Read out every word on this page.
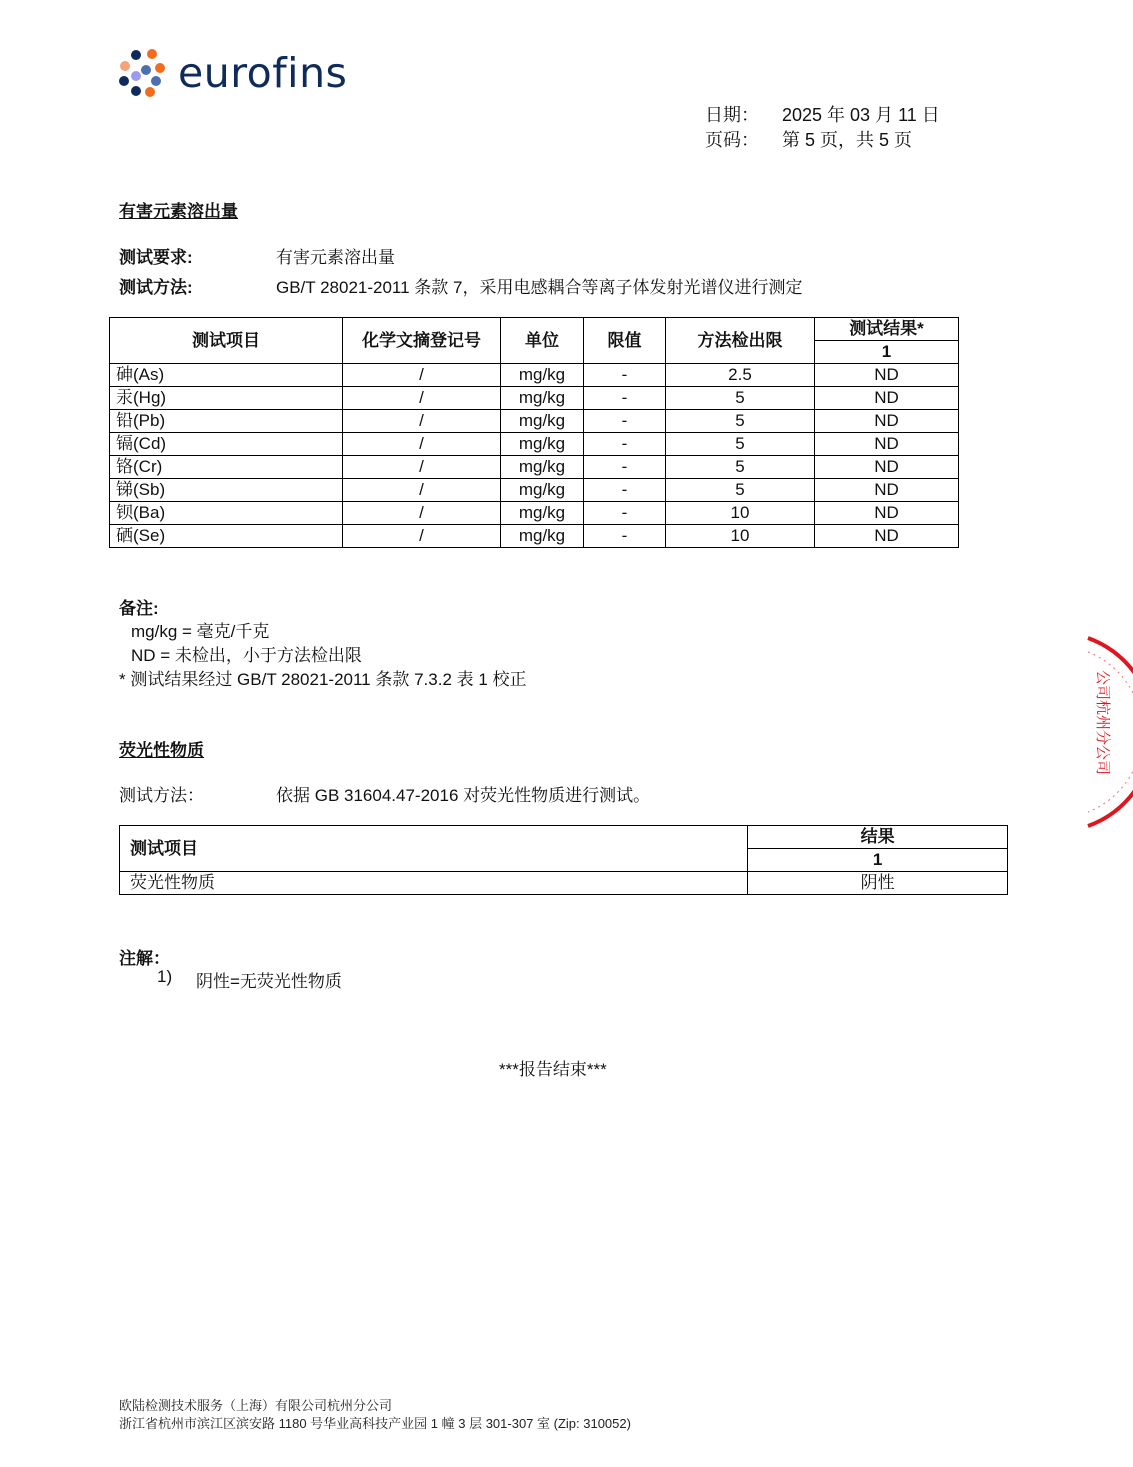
eurofins
日期： 2025 年 03 月 11 日
页码： 第 5 页，共 5 页
有害元素溶出量
测试要求:	有害元素溶出量
测试方法:	GB/T 28021-2011 条款 7，采用电感耦合等离子体发射光谱仪进行测定
测试项目	化学文摘登记号	单位	限值	方法检出限	测试结果*
					1
砷(As)	/	mg/kg	-	2.5	ND
汞(Hg)	/	mg/kg	-	5	ND
铅(Pb)	/	mg/kg	-	5	ND
镉(Cd)	/	mg/kg	-	5	ND
铬(Cr)	/	mg/kg	-	5	ND
锑(Sb)	/	mg/kg	-	5	ND
钡(Ba)	/	mg/kg	-	10	ND
硒(Se)	/	mg/kg	-	10	ND
备注:
mg/kg = 毫克/千克
ND = 未检出，小于方法检出限
* 测试结果经过 GB/T 28021-2011 条款 7.3.2 表 1 校正
荧光性物质
测试方法：	依据 GB 31604.47-2016 对荧光性物质进行测试。
测试项目	结果
	1
荧光性物质	阴性
注解：
1) 阴性=无荧光性物质
***报告结束***
欧陆检测技术服务（上海）有限公司杭州分公司
浙江省杭州市滨江区滨安路 1180 号华业高科技产业园 1 幢 3 层 301-307 室 (Zip: 310052)
公司杭州分公司
